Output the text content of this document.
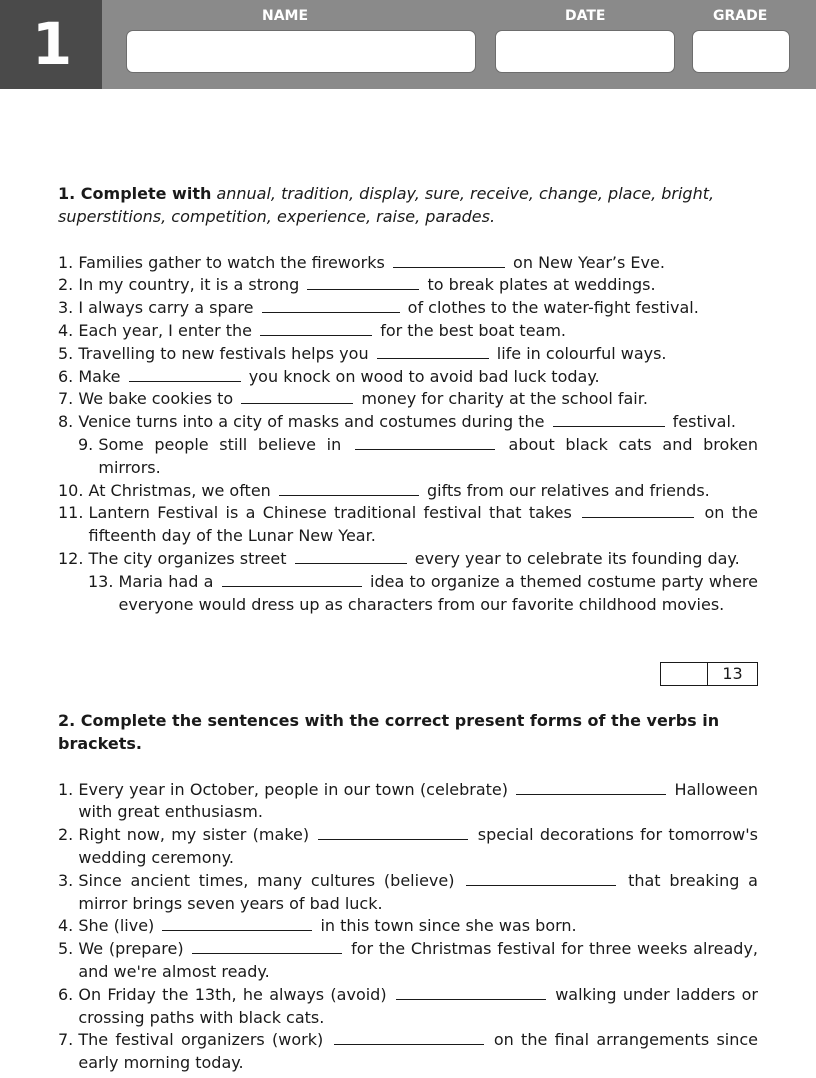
1	NAME	DATE	GRADE

1. Complete with annual, tradition, display, sure, receive, change, place, bright, superstitions, competition, experience, raise, parades.

1. Families gather to watch the fireworks	on New Year’s Eve.
2. In my country, it is a strong	to break plates at weddings.
3. I always carry a spare	of clothes to the water-fight festival.
4. Each year, I enter the	for the best boat team.
5. Travelling to new festivals helps you	life in colourful ways.
6. Make	you knock on wood to avoid bad luck today.
7. We bake cookies to	money for charity at the school fair.
8. Venice turns into a city of masks and costumes during the	festival.
9. Some people still believe in	about black cats and broken mirrors.
10. At Christmas, we often	gifts from our relatives and friends.
11. Lantern Festival is a Chinese traditional festival that takes	on the fifteenth day of the Lunar New Year.
12. The city organizes street	every year to celebrate its founding day.
13. Maria had a	idea to organize a themed costume party where everyone would dress up as characters from our favorite childhood movies.
13

2. Complete the sentences with the correct present forms of the verbs in brackets.

1. Every year in October, people in our town (celebrate)	Halloween with great enthusiasm.
2. Right now, my sister (make)	special decorations for tomorrow's wedding ceremony.
3. Since ancient times, many cultures (believe)	that breaking a mirror brings seven years of bad luck.
4. She (live)	in this town since she was born.
5. We (prepare)	for the Christmas festival for three weeks already, and we're almost ready.
6. On Friday the 13th, he always (avoid)	walking under ladders or crossing paths with black cats.
7. The festival organizers (work)	on the final arrangements since early morning today.
